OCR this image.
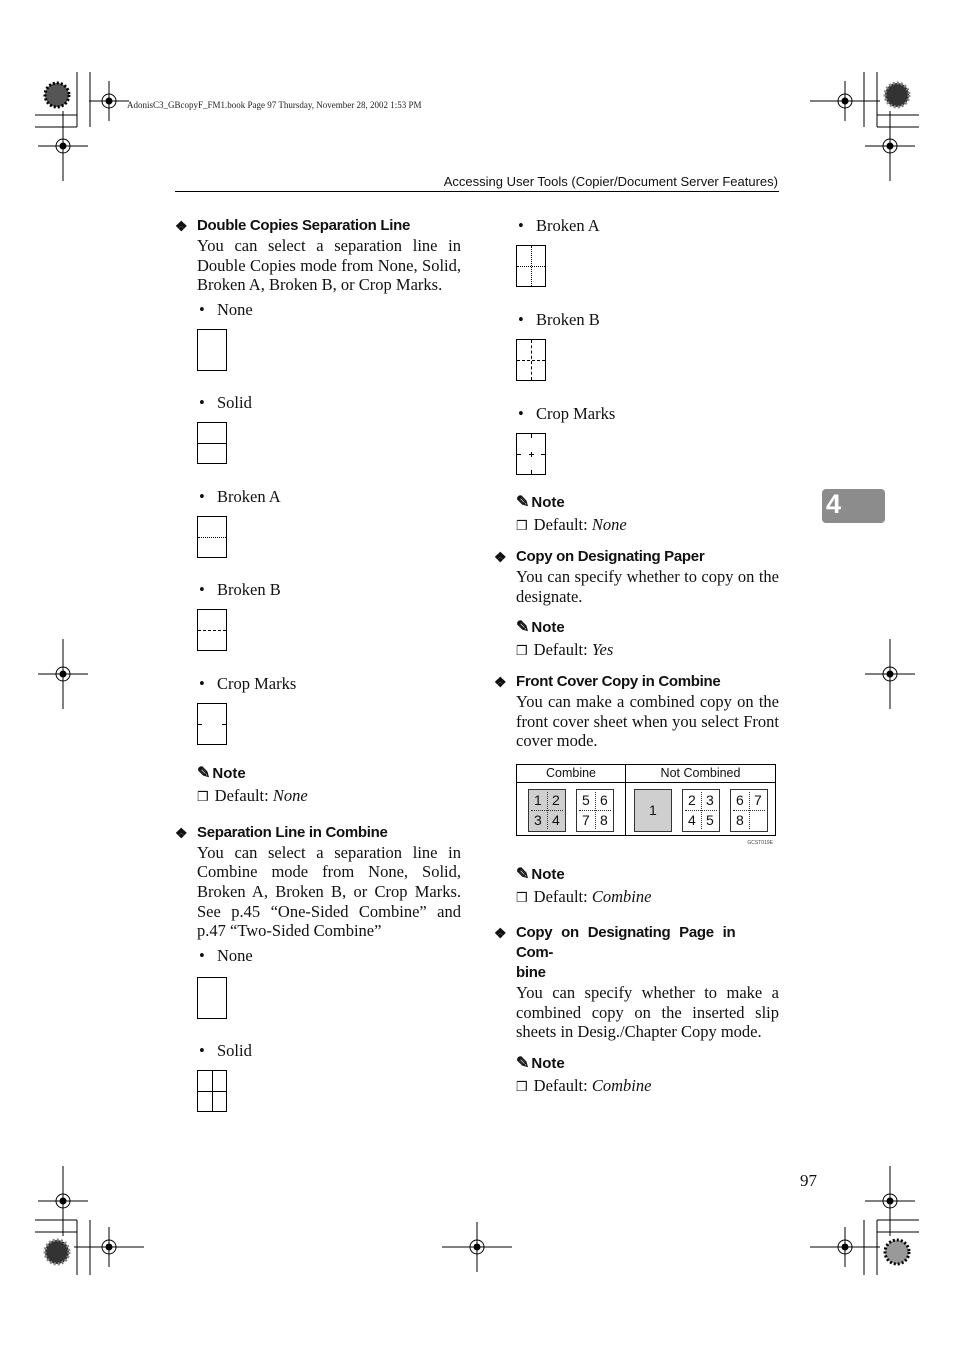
AdonisC3_GBcopyF_FM1.book Page 97 Thursday, November 28, 2002 1:53 PM
Accessing User Tools (Copier/Document Server Features)
4
97
❖ Double Copies Separation Line
You can select a separation line in Double Copies mode from None, Solid, Broken A, Broken B, or Crop Marks.
• None
• Solid
• Broken A
• Broken B
• Crop Marks
✎ Note
❒ Default: None
❖ Separation Line in Combine
You can select a separation line in Combine mode from None, Solid, Broken A, Broken B, or Crop Marks. See p.45 “One-Sided Combine” and p.47 “Two-Sided Combine”
• None
• Solid
• Broken A
• Broken B
• Crop Marks
✎ Note
❒ Default: None
❖ Copy on Designating Paper
You can specify whether to copy on the designate.
✎ Note
❒ Default: Yes
❖ Front Cover Copy in Combine
You can make a combined copy on the front cover sheet when you select Front cover mode.
Combine	Not Combined
1 2
3 4
5 6
7 8
1
2 3
4 5
6 7
8
GCST019E
✎ Note
❒ Default: Combine
❖ Copy on Designating Page in Com-
bine
You can specify whether to make a combined copy on the inserted slip sheets in Desig./Chapter Copy mode.
✎ Note
❒ Default: Combine
